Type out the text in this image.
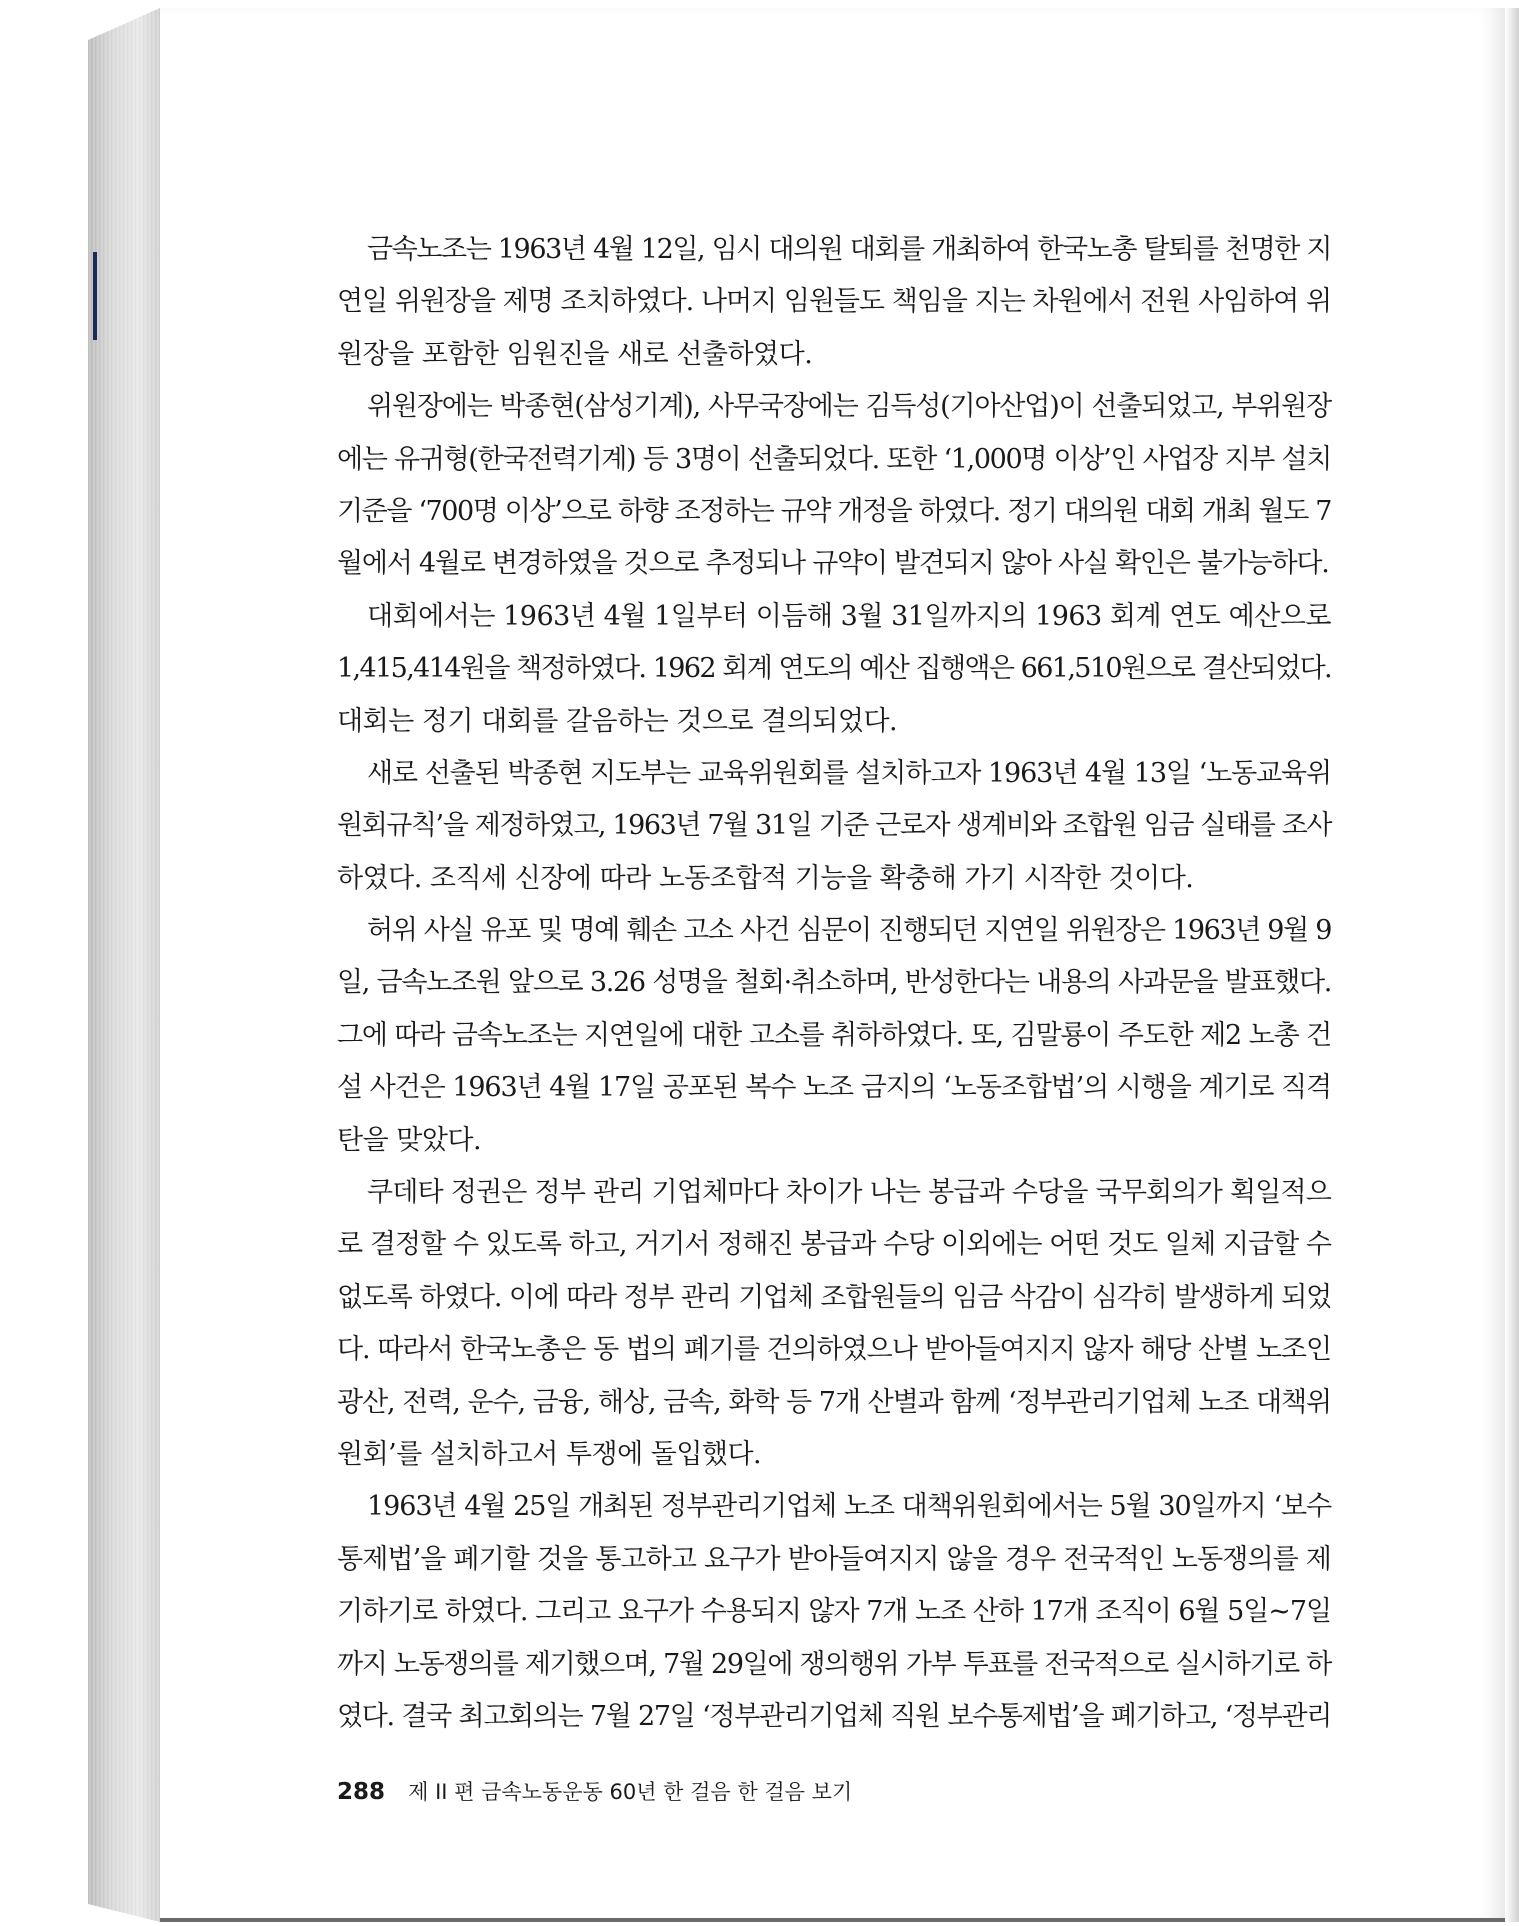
금속노조는 1963년 4월 12일, 임시 대의원 대회를 개최하여 한국노총 탈퇴를 천명한 지
연일 위원장을 제명 조치하였다. 나머지 임원들도 책임을 지는 차원에서 전원 사임하여 위
원장을 포함한 임원진을 새로 선출하였다.

위원장에는 박종현(삼성기계), 사무국장에는 김득성(기아산업)이 선출되었고, 부위원장
에는 유귀형(한국전력기계) 등 3명이 선출되었다. 또한 ‘1,000명 이상’인 사업장 지부 설치
기준을 ‘700명 이상’으로 하향 조정하는 규약 개정을 하였다. 정기 대의원 대회 개최 월도 7
월에서 4월로 변경하였을 것으로 추정되나 규약이 발견되지 않아 사실 확인은 불가능하다.

대회에서는 1963년 4월 1일부터 이듬해 3월 31일까지의 1963 회계 연도 예산으로
1,415,414원을 책정하였다. 1962 회계 연도의 예산 집행액은 661,510원으로 결산되었다.
대회는 정기 대회를 갈음하는 것으로 결의되었다.

새로 선출된 박종현 지도부는 교육위원회를 설치하고자 1963년 4월 13일 ‘노동교육위
원회규칙’을 제정하였고, 1963년 7월 31일 기준 근로자 생계비와 조합원 임금 실태를 조사
하였다. 조직세 신장에 따라 노동조합적 기능을 확충해 가기 시작한 것이다.

허위 사실 유포 및 명예 훼손 고소 사건 심문이 진행되던 지연일 위원장은 1963년 9월 9
일, 금속노조원 앞으로 3.26 성명을 철회·취소하며, 반성한다는 내용의 사과문을 발표했다.
그에 따라 금속노조는 지연일에 대한 고소를 취하하였다. 또, 김말룡이 주도한 제2 노총 건
설 사건은 1963년 4월 17일 공포된 복수 노조 금지의 ‘노동조합법’의 시행을 계기로 직격
탄을 맞았다.

쿠데타 정권은 정부 관리 기업체마다 차이가 나는 봉급과 수당을 국무회의가 획일적으
로 결정할 수 있도록 하고, 거기서 정해진 봉급과 수당 이외에는 어떤 것도 일체 지급할 수
없도록 하였다. 이에 따라 정부 관리 기업체 조합원들의 임금 삭감이 심각히 발생하게 되었
다. 따라서 한국노총은 동 법의 폐기를 건의하였으나 받아들여지지 않자 해당 산별 노조인
광산, 전력, 운수, 금융, 해상, 금속, 화학 등 7개 산별과 함께 ‘정부관리기업체 노조 대책위
원회’를 설치하고서 투쟁에 돌입했다.

1963년 4월 25일 개최된 정부관리기업체 노조 대책위원회에서는 5월 30일까지 ‘보수
통제법’을 폐기할 것을 통고하고 요구가 받아들여지지 않을 경우 전국적인 노동쟁의를 제
기하기로 하였다. 그리고 요구가 수용되지 않자 7개 노조 산하 17개 조직이 6월 5일~7일
까지 노동쟁의를 제기했으며, 7월 29일에 쟁의행위 가부 투표를 전국적으로 실시하기로 하
였다. 결국 최고회의는 7월 27일 ‘정부관리기업체 직원 보수통제법’을 폐기하고, ‘정부관리

288 제 II 편 금속노동운동 60년 한 걸음 한 걸음 보기
